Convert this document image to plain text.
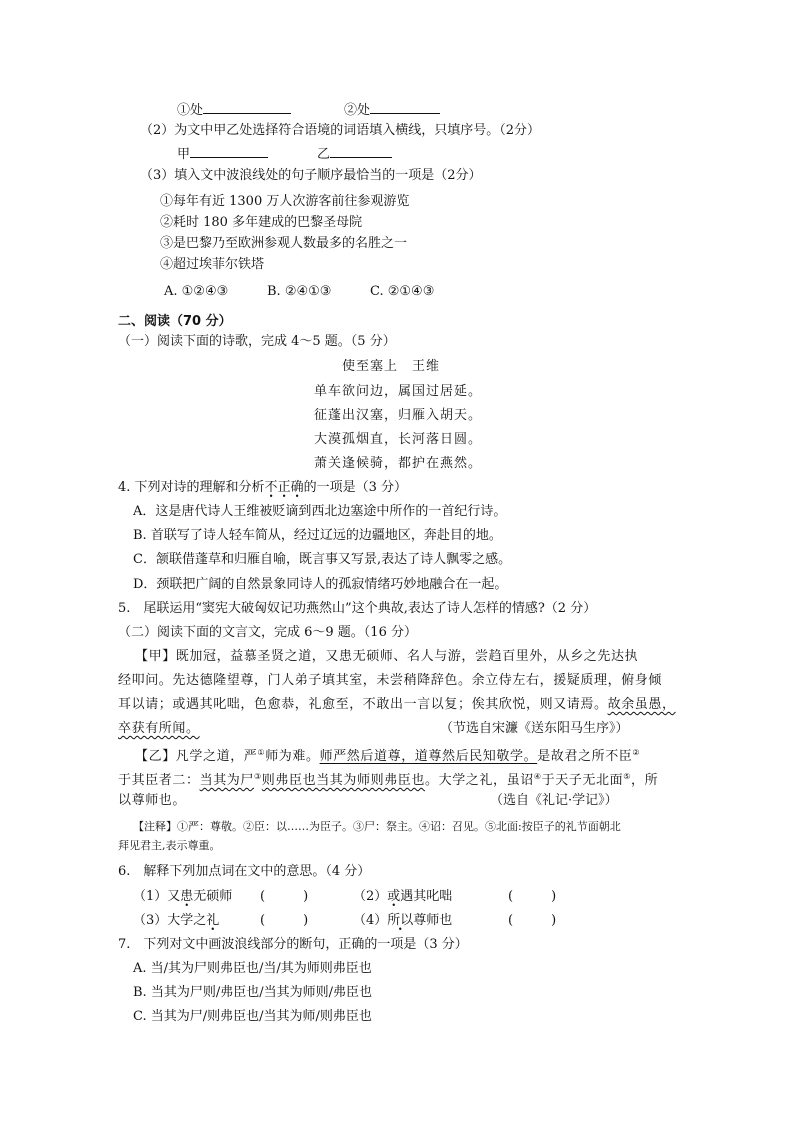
①处	②处
（2）为文中甲乙处选择符合语境的词语填入横线，只填序号。（2分）
甲	乙
（3）填入文中波浪线处的句子顺序最恰当的一项是（2分）
①每年有近 1300 万人次游客前往参观游览
②耗时 180 多年建成的巴黎圣母院
③是巴黎乃至欧洲参观人数最多的名胜之一
④超过埃菲尔铁塔
A. ①②④③	B. ②④①③	C. ②①④③
二、阅读（70 分）
（一）阅读下面的诗歌，完成 4～5 题。（5 分）
使至塞上　王维
单车欲问边，属国过居延。
征蓬出汉塞，归雁入胡天。
大漠孤烟直，长河落日圆。
萧关逢候骑，都护在燕然。
4. 下列对诗的理解和分析不正确的一项是（3 分）
A．这是唐代诗人王维被贬谪到西北边塞途中所作的一首纪行诗。
B. 首联写了诗人轻车简从，经过辽远的边疆地区，奔赴目的地。
C．颔联借蓬草和归雁自喻，既言事又写景,表达了诗人飘零之感。
D．颈联把广阔的自然景象同诗人的孤寂情绪巧妙地融合在一起。
5.　尾联运用“窦宪大破匈奴记功燕然山”这个典故,表达了诗人怎样的情感?（2 分）
（二）阅读下面的文言文，完成 6～9 题。（16 分）
【甲】既加冠，益慕圣贤之道，又患无硕师、名人与游，尝趋百里外，从乡之先达执
经叩问。先达德隆望尊，门人弟子填其室，未尝稍降辞色。余立侍左右，援疑质理，俯身倾
耳以请；或遇其叱咄，色愈恭，礼愈至，不敢出一言以复；俟其欣悦，则又请焉。故余虽愚，
卒获有所闻。	（节选自宋濂《送东阳马生序》）
【乙】凡学之道，严①师为难。师严然后道尊，道尊然后民知敬学。是故君之所不臣②
于其臣者二：当其为尸③则弗臣也当其为师则弗臣也。大学之礼，虽诏④于天子无北面⑤，所
以尊师也。	（选自《礼记·学记》）
【注释】①严：尊敬。②臣：以……为臣子。③尸：祭主。④诏：召见。⑤北面:按臣子的礼节面朝北
拜见君主,表示尊重。
6.　解释下列加点词在文中的意思。（4 分）
（1）又患无硕师 (	)	（2）或遇其叱咄	(	)
（3）大学之礼	(	)	（4）所以尊师也	(	)
7.　下列对文中画波浪线部分的断句，正确的一项是（3 分）
A. 当/其为尸则弗臣也/当/其为师则弗臣也
B. 当其为尸则/弗臣也/当其为师则/弗臣也
C. 当其为尸/则弗臣也/当其为师/则弗臣也
